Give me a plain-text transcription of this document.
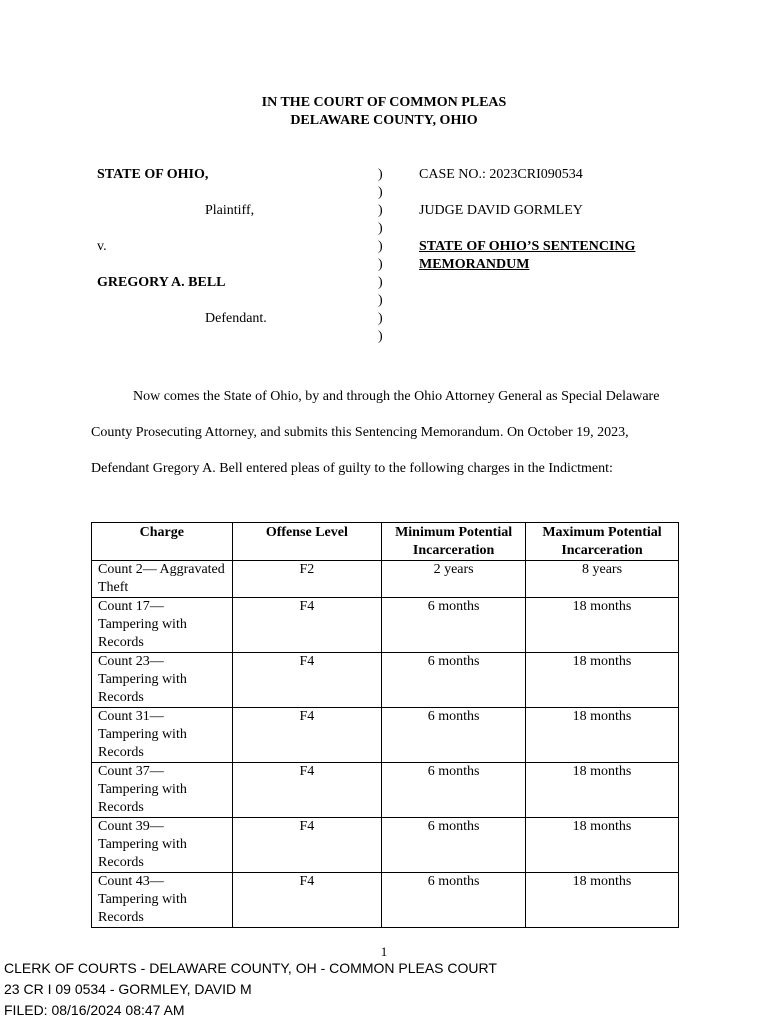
IN THE COURT OF COMMON PLEAS
DELAWARE COUNTY, OHIO
STATE OF OHIO,
Plaintiff,
v.
GREGORY A. BELL
Defendant.
)
)
)
)
)
)
)
)
)
)
CASE NO.: 2023CRI090534
JUDGE DAVID GORMLEY
STATE OF OHIO’S SENTENCING
MEMORANDUM

Now comes the State of Ohio, by and through the Ohio Attorney General as Special Delaware County Prosecuting Attorney, and submits this Sentencing Memorandum. On October 19, 2023, Defendant Gregory A. Bell entered pleas of guilty to the following charges in the Indictment:

Charge	Offense Level	Minimum Potential Incarceration	Maximum Potential Incarceration
Count 2— Aggravated Theft	F2	2 years	8 years
Count 17— Tampering with Records	F4	6 months	18 months
Count 23— Tampering with Records	F4	6 months	18 months
Count 31— Tampering with Records	F4	6 months	18 months
Count 37— Tampering with Records	F4	6 months	18 months
Count 39— Tampering with Records	F4	6 months	18 months
Count 43— Tampering with Records	F4	6 months	18 months
1
CLERK OF COURTS - DELAWARE COUNTY, OH - COMMON PLEAS COURT
23 CR I 09 0534 - GORMLEY, DAVID M
FILED: 08/16/2024 08:47 AM
